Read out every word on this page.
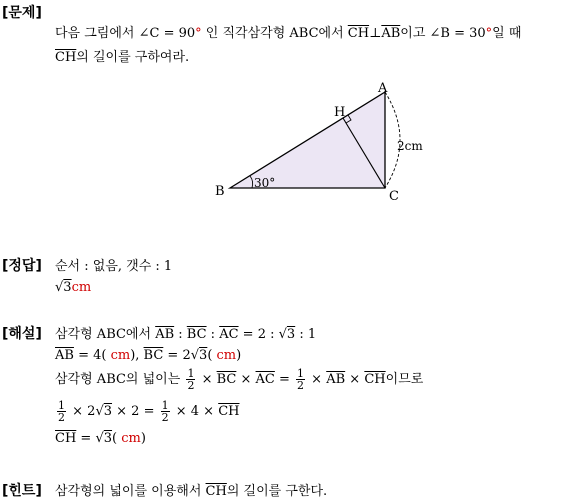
[문제]
다음 그림에서 ∠C = 90° 인 직각삼각형 ABC에서 $\overline{CH}\perp\overline{AB}$이고 ∠B = 30°일 때
$\overline{CH}$의 길이를 구하여라.
A
H
B	C
30°
2cm
[정답] 순서 : 없음, 갯수 : 1
√3cm
[해설] 삼각형 ABC에서 $\overline{AB}$ : $\overline{BC}$ : $\overline{AC} = 2$ : √3 : 1
$\overline{AB} = 4$( cm), $\overline{BC} = 2√3$( cm)
삼각형 ABC의 넓이는 $\frac{1}{2} \times \overline{BC} \times \overline{AC} = \frac{1}{2} \times \overline{AB} \times \overline{CH}$이므로
$\frac{1}{2} \times 2√3 \times 2 = \frac{1}{2} \times 4 \times \overline{CH}$
$\overline{CH} = √3$( cm)
[힌트] 삼각형의 넓이를 이용해서 $\overline{CH}$의 길이를 구한다.
